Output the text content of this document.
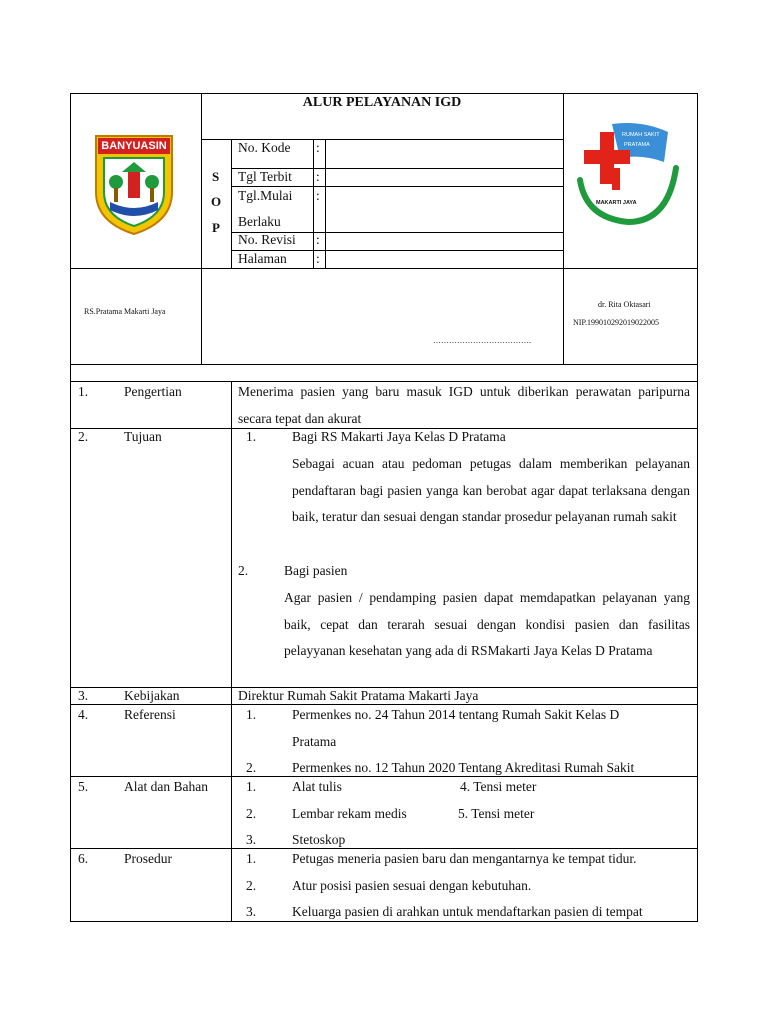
BANYUASIN
ALUR PELAYANAN IGD
S
O
P
No. Kode :
Tgl Terbit :
Tgl.Mulai
Berlaku
:
No. Revisi :
Halaman :
RUMAH SAKIT
PRATAMA
MAKARTI JAYA
RS.Pratama Makarti Jaya
……………………………….
dr. Rita Oktasari
NIP.199010292019022005
1.	Pengertian	Menerima pasien yang baru masuk IGD untuk diberikan perawatan paripurna secara tepat dan akurat
2.	Tujuan	1.	Bagi RS Makarti Jaya Kelas D Pratama
Sebagai acuan atau pedoman petugas dalam memberikan pelayanan pendaftaran bagi pasien yanga kan berobat agar dapat terlaksana dengan baik, teratur dan sesuai dengan standar prosedur pelayanan rumah sakit
2.	Bagi pasien
Agar pasien / pendamping pasien dapat memdapatkan pelayanan yang baik, cepat dan terarah sesuai dengan kondisi pasien dan fasilitas pelayyanan kesehatan yang ada di RSMakarti Jaya Kelas D Pratama
3.	Kebijakan	Direktur Rumah Sakit Pratama Makarti Jaya
4.	Referensi	1.	Permenkes no. 24 Tahun 2014 tentang Rumah Sakit Kelas D
Pratama
2.	Permenkes no. 12 Tahun 2020 Tentang Akreditasi Rumah Sakit
5.	Alat dan Bahan	1.	Alat tulis	4. Tensi meter
2.	Lembar rekam medis	5. Tensi meter
3.	Stetoskop
6.	Prosedur	1.	Petugas meneria pasien baru dan mengantarnya ke tempat tidur.
2.	Atur posisi pasien sesuai dengan kebutuhan.
3.	Keluarga pasien di arahkan untuk mendaftarkan pasien di tempat
